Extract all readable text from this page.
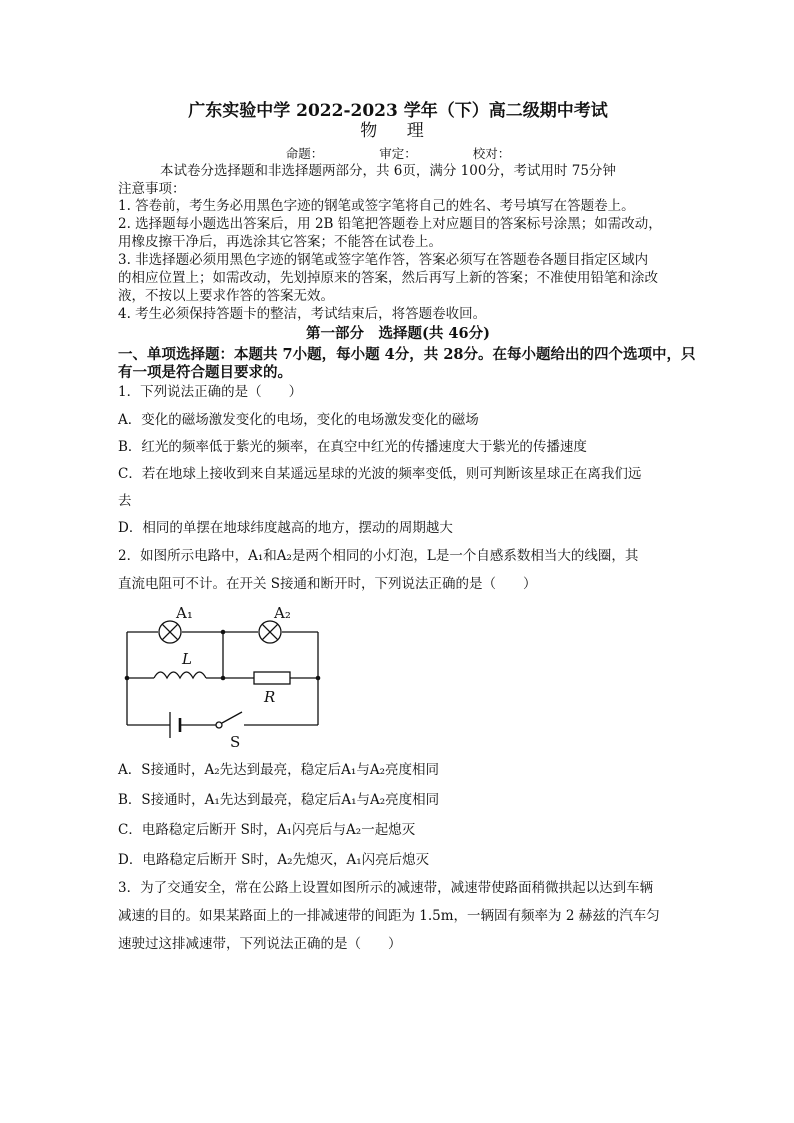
广东实验中学 2022-2023 学年（下）高二级期中考试
物 理
命题：	审定：	校对：
本试卷分选择题和非选择题两部分，共 6页，满分 100分，考试用时 75分钟
注意事项：
1. 答卷前，考生务必用黑色字迹的钢笔或签字笔将自己的姓名、考号填写在答题卷上。
2. 选择题每小题选出答案后，用 2B 铅笔把答题卷上对应题目的答案标号涂黑；如需改动，
用橡皮擦干净后，再选涂其它答案；不能答在试卷上。
3. 非选择题必须用黑色字迹的钢笔或签字笔作答，答案必须写在答题卷各题目指定区域内
的相应位置上；如需改动，先划掉原来的答案，然后再写上新的答案；不准使用铅笔和涂改
液，不按以上要求作答的答案无效。
4. 考生必须保持答题卡的整洁，考试结束后，将答题卷收回。
第一部分　选择题(共 46分)
一、单项选择题：本题共 7小题，每小题 4分，共 28分。在每小题给出的四个选项中，只
有一项是符合题目要求的。
1．下列说法正确的是（　　）
A．变化的磁场激发变化的电场，变化的电场激发变化的磁场
B．红光的频率低于紫光的频率，在真空中红光的传播速度大于紫光的传播速度
C．若在地球上接收到来自某遥远星球的光波的频率变低，则可判断该星球正在离我们远
去
D．相同的单摆在地球纬度越高的地方，摆动的周期越大
2．如图所示电路中，A₁和A₂是两个相同的小灯泡，L是一个自感系数相当大的线圈，其
直流电阻可不计。在开关 S接通和断开时，下列说法正确的是（　　）
A₁	A₂
L
R
S
A．S接通时，A₂先达到最亮，稳定后A₁与A₂亮度相同
B．S接通时，A₁先达到最亮，稳定后A₁与A₂亮度相同
C．电路稳定后断开 S时，A₁闪亮后与A₂一起熄灭
D．电路稳定后断开 S时，A₂先熄灭，A₁闪亮后熄灭
3．为了交通安全，常在公路上设置如图所示的减速带，减速带使路面稍微拱起以达到车辆
减速的目的。如果某路面上的一排减速带的间距为 1.5m，一辆固有频率为 2 赫兹的汽车匀
速驶过这排减速带，下列说法正确的是（　　）
